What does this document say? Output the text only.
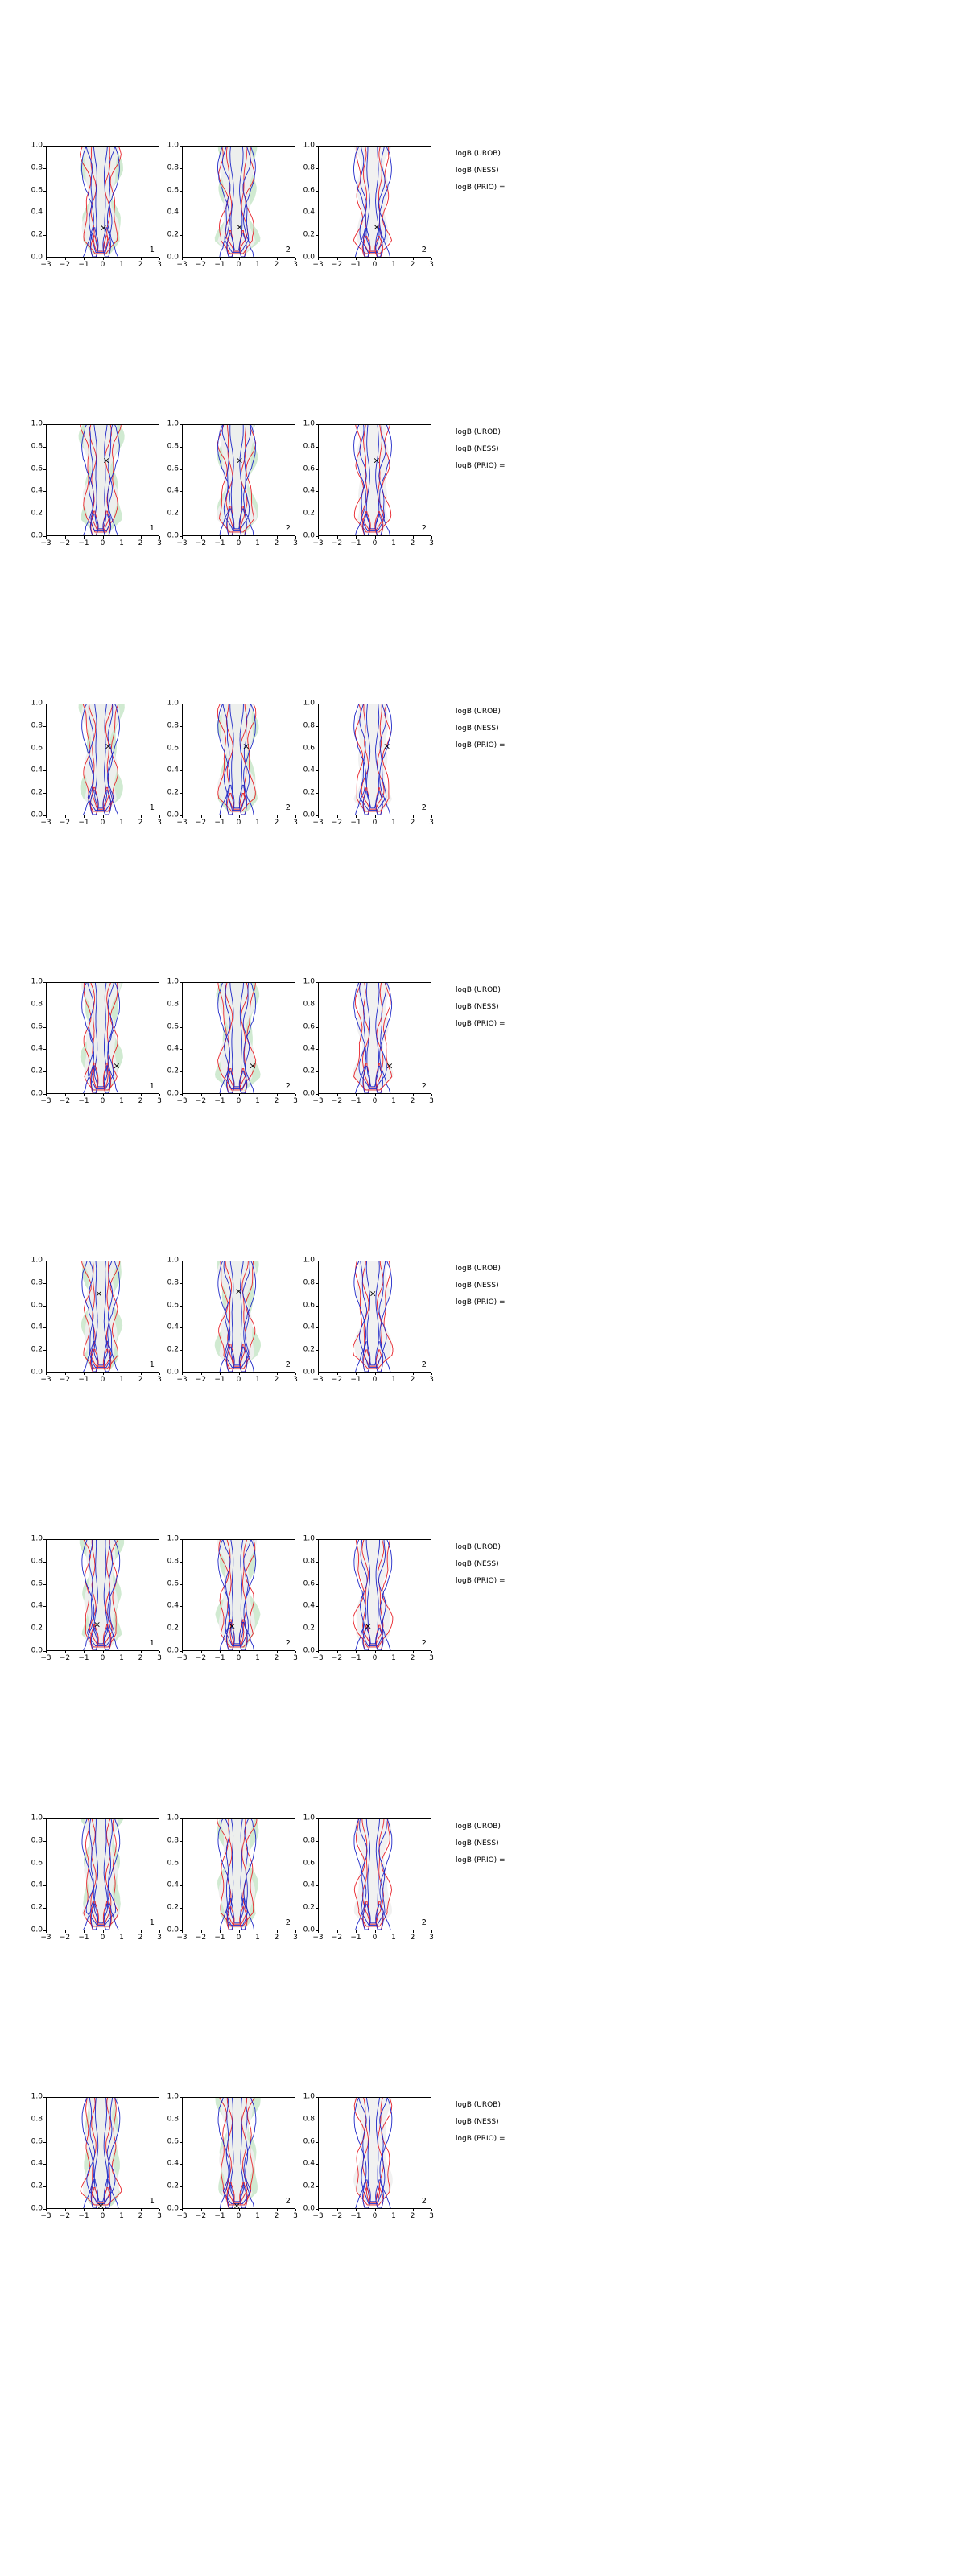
×
1
−3 −2 −1 0 1 2 3
0.0
0.2
0.4
0.6
0.8
1.0
×
2
−3 −2 −1 0 1 2 3
0.0
0.2
0.4
0.6
0.8
1.0
×
2
−3 −2 −1 0 1 2 3
0.0
0.2
0.4
0.6
0.8
1.0
logB (UROB)
logB (NESS)
logB (PRIO) =
×
1
−3 −2 −1 0 1 2 3
0.0
0.2
0.4
0.6
0.8
1.0
×
2
−3 −2 −1 0 1 2 3
0.0
0.2
0.4
0.6
0.8
1.0
×
2
−3 −2 −1 0 1 2 3
0.0
0.2
0.4
0.6
0.8
1.0
logB (UROB)
logB (NESS)
logB (PRIO) =
×
1
−3 −2 −1 0 1 2 3
0.0
0.2
0.4
0.6
0.8
1.0
×
2
−3 −2 −1 0 1 2 3
0.0
0.2
0.4
0.6
0.8
1.0
×
2
−3 −2 −1 0 1 2 3
0.0
0.2
0.4
0.6
0.8
1.0
logB (UROB)
logB (NESS)
logB (PRIO) =
×
1
−3 −2 −1 0 1 2 3
0.0
0.2
0.4
0.6
0.8
1.0
×
2
−3 −2 −1 0 1 2 3
0.0
0.2
0.4
0.6
0.8
1.0
×
2
−3 −2 −1 0 1 2 3
0.0
0.2
0.4
0.6
0.8
1.0
logB (UROB)
logB (NESS)
logB (PRIO) =
×
1
−3 −2 −1 0 1 2 3
0.0
0.2
0.4
0.6
0.8
1.0
×
2
−3 −2 −1 0 1 2 3
0.0
0.2
0.4
0.6
0.8
1.0
×
2
−3 −2 −1 0 1 2 3
0.0
0.2
0.4
0.6
0.8
1.0
logB (UROB)
logB (NESS)
logB (PRIO) =
×
1
−3 −2 −1 0 1 2 3
0.0
0.2
0.4
0.6
0.8
1.0
×
2
−3 −2 −1 0 1 2 3
0.0
0.2
0.4
0.6
0.8
1.0
×
2
−3 −2 −1 0 1 2 3
0.0
0.2
0.4
0.6
0.8
1.0
logB (UROB)
logB (NESS)
logB (PRIO) =
1
−3 −2 −1 0 1 2 3
0.0
0.2
0.4
0.6
0.8
1.0
2
−3 −2 −1 0 1 2 3
0.0
0.2
0.4
0.6
0.8
1.0
2
−3 −2 −1 0 1 2 3
0.0
0.2
0.4
0.6
0.8
1.0
logB (UROB)
logB (NESS)
logB (PRIO) =
×	1
−3 −2 −1 0 1 2 3
0.0
0.2
0.4
0.6
0.8
1.0
×	2
−3 −2 −1 0 1 2 3
0.0
0.2
0.4
0.6
0.8
1.0
2
−3 −2 −1 0 1 2 3
0.0
0.2
0.4
0.6
0.8
1.0
logB (UROB)
logB (NESS)
logB (PRIO) =
